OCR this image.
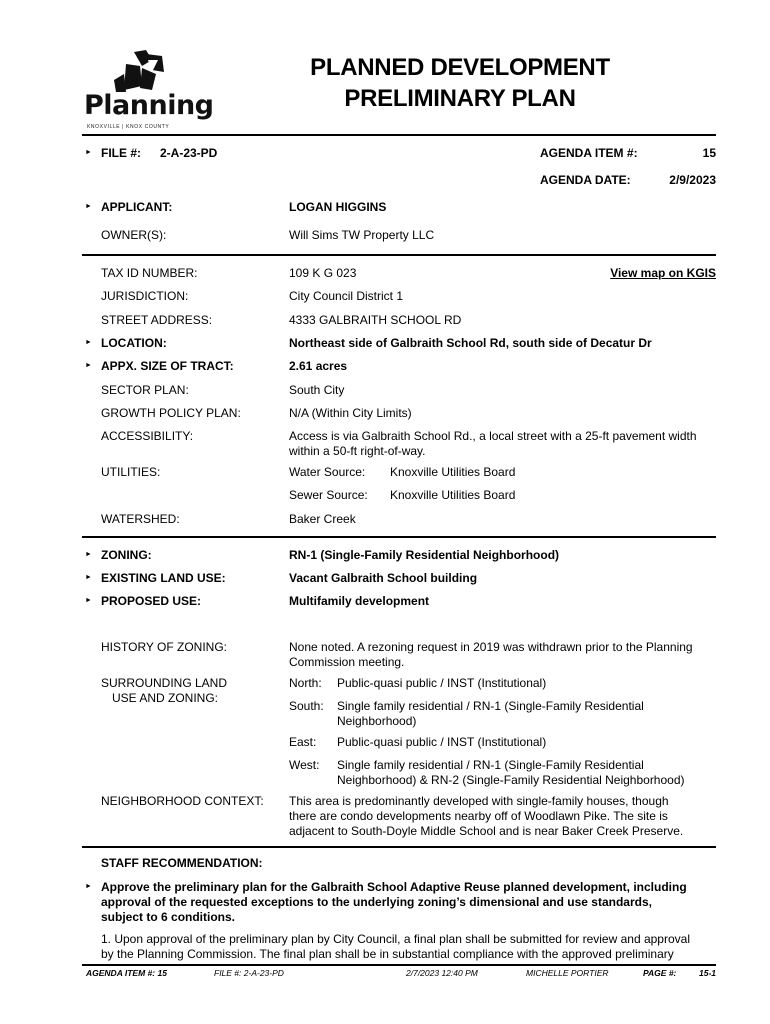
Planning
KNOXVILLE | KNOX COUNTY
PLANNED DEVELOPMENT
PRELIMINARY PLAN
► FILE #: 2-A-23-PD	AGENDA ITEM #:	15
AGENDA DATE:	2/9/2023
► APPLICANT:	LOGAN HIGGINS
OWNER(S):	Will Sims TW Property LLC
TAX ID NUMBER:	109 K G 023	View map on KGIS
JURISDICTION:	City Council District 1
STREET ADDRESS:	4333 GALBRAITH SCHOOL RD
► LOCATION:	Northeast side of Galbraith School Rd, south side of Decatur Dr
► APPX. SIZE OF TRACT:	2.61 acres
SECTOR PLAN:	South City
GROWTH POLICY PLAN:	N/A (Within City Limits)
ACCESSIBILITY:	Access is via Galbraith School Rd., a local street with a 25-ft pavement width
within a 50-ft right-of-way.
UTILITIES:	Water Source: Knoxville Utilities Board
Sewer Source: Knoxville Utilities Board
WATERSHED:	Baker Creek
► ZONING:	RN-1 (Single-Family Residential Neighborhood)
► EXISTING LAND USE:	Vacant Galbraith School building
► PROPOSED USE:	Multifamily development
HISTORY OF ZONING:	None noted. A rezoning request in 2019 was withdrawn prior to the Planning
Commission meeting.
SURROUNDING LAND
USE AND ZONING:
North: Public-quasi public / INST (Institutional)
South: Single family residential / RN-1 (Single-Family Residential
Neighborhood)
East: Public-quasi public / INST (Institutional)
West: Single family residential / RN-1 (Single-Family Residential
Neighborhood) & RN-2 (Single-Family Residential Neighborhood)
NEIGHBORHOOD CONTEXT: This area is predominantly developed with single-family houses, though
there are condo developments nearby off of Woodlawn Pike. The site is
adjacent to South-Doyle Middle School and is near Baker Creek Preserve.
STAFF RECOMMENDATION:
► Approve the preliminary plan for the Galbraith School Adaptive Reuse planned development, including
approval of the requested exceptions to the underlying zoning’s dimensional and use standards,
subject to 6 conditions.
1. Upon approval of the preliminary plan by City Council, a final plan shall be submitted for review and approval
by the Planning Commission. The final plan shall be in substantial compliance with the approved preliminary
AGENDA ITEM #: 15	FILE #: 2-A-23-PD	2/7/2023 12:40 PM	MICHELLE PORTIER	PAGE #:	15-1
